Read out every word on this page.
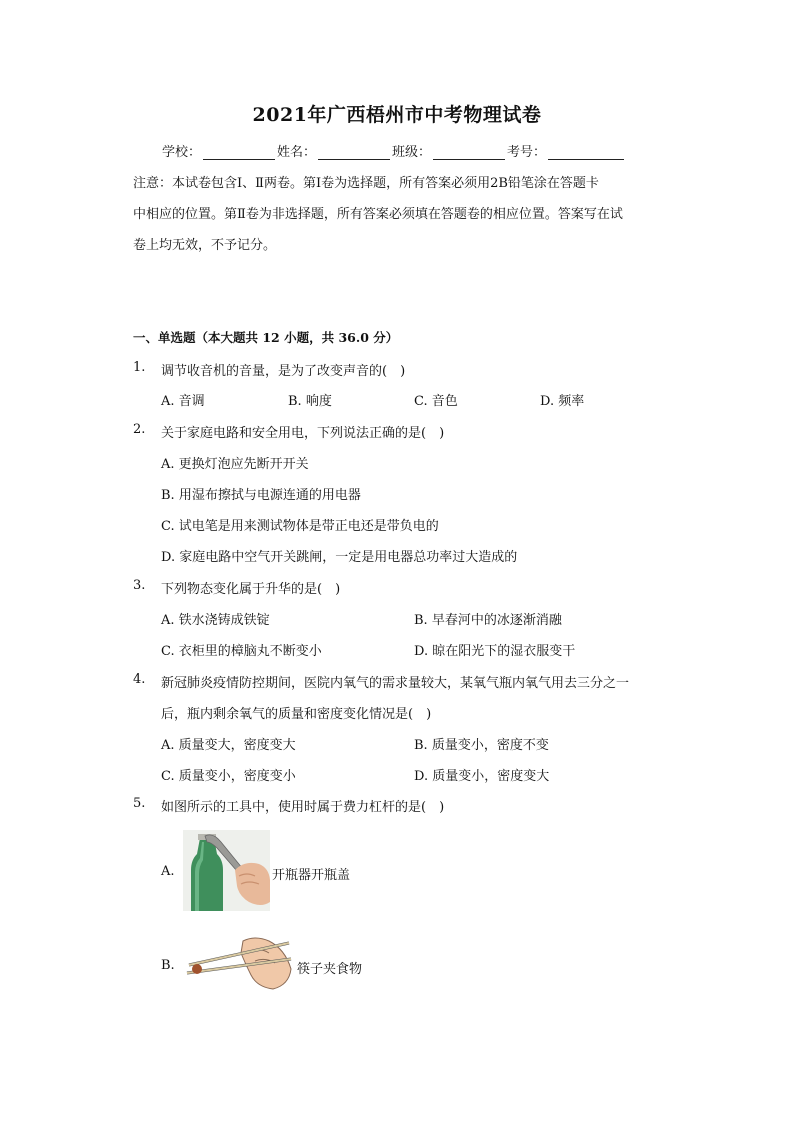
2021年广西梧州市中考物理试卷
学校：	姓名：	班级：	考号：
注意：本试卷包含Ⅰ、Ⅱ两卷。第Ⅰ卷为选择题，所有答案必须用2B铅笔涂在答题卡
中相应的位置。第Ⅱ卷为非选择题，所有答案必须填在答题卷的相应位置。答案写在试
卷上均无效，不予记分。
一、单选题（本大题共 12 小题，共 36.0 分）
1. 调节收音机的音量，是为了改变声音的(　)
A. 音调	B. 响度	C. 音色	D. 频率
2. 关于家庭电路和安全用电，下列说法正确的是(　)
A. 更换灯泡应先断开开关
B. 用湿布擦拭与电源连通的用电器
C. 试电笔是用来测试物体是带正电还是带负电的
D. 家庭电路中空气开关跳闸，一定是用电器总功率过大造成的
3. 下列物态变化属于升华的是(　)
A. 铁水浇铸成铁锭	B. 早春河中的冰逐渐消融
C. 衣柜里的樟脑丸不断变小	D. 晾在阳光下的湿衣服变干
4. 新冠肺炎疫情防控期间，医院内氧气的需求量较大，某氧气瓶内氧气用去三分之一
后，瓶内剩余氧气的质量和密度变化情况是(　)
A. 质量变大，密度变大	B. 质量变小，密度不变
C. 质量变小，密度变小	D. 质量变小，密度变大
5. 如图所示的工具中，使用时属于费力杠杆的是(　)
A.	开瓶器开瓶盖
B.	筷子夹食物
